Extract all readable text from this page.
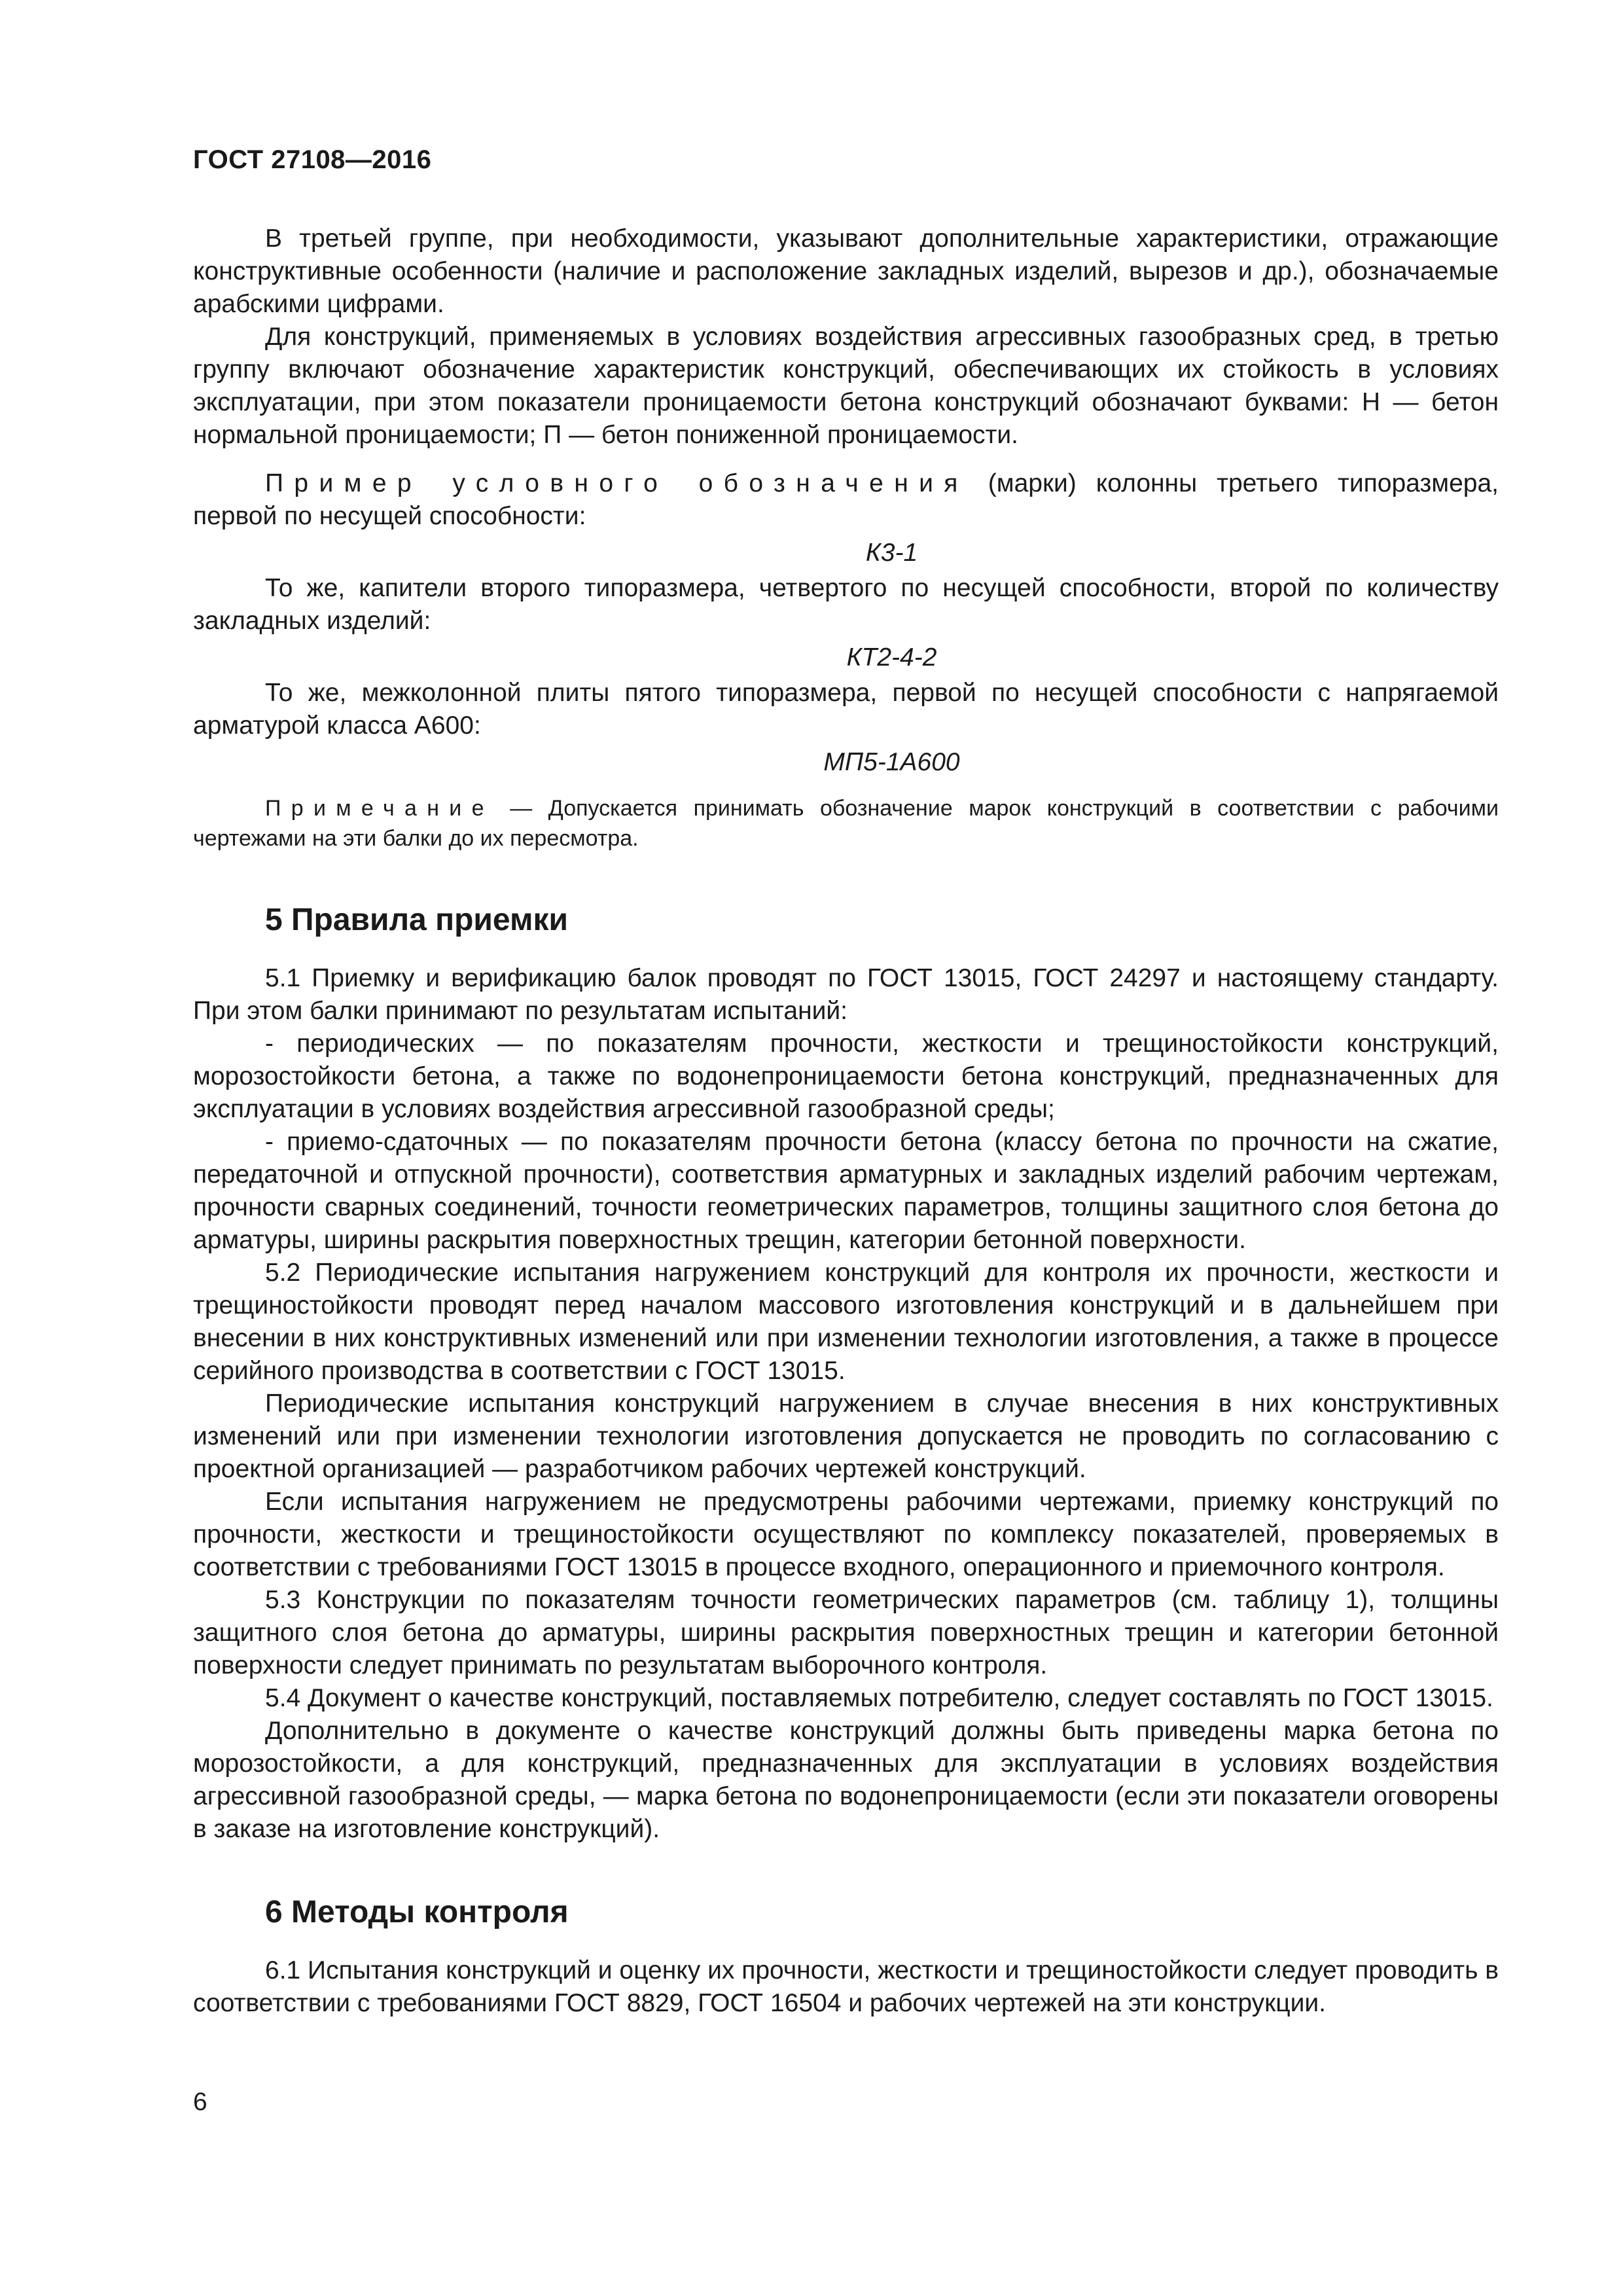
ГОСТ 27108—2016

В третьей группе, при необходимости, указывают дополнительные характеристики, отражающие конструктивные особенности (наличие и расположение закладных изделий, вырезов и др.), обозначаемые арабскими цифрами.

Для конструкций, применяемых в условиях воздействия агрессивных газообразных сред, в третью группу включают обозначение характеристик конструкций, обеспечивающих их стойкость в условиях эксплуатации, при этом показатели проницаемости бетона конструкций обозначают буквами: Н — бетон нормальной проницаемости; П — бетон пониженной проницаемости.

Пример условного обозначения (марки) колонны третьего типоразмера, первой по несущей способности:

К3-1

То же, капители второго типоразмера, четвертого по несущей способности, второй по количеству закладных изделий:

КТ2-4-2

То же, межколонной плиты пятого типоразмера, первой по несущей способности с напрягаемой арматурой класса А600:

МП5-1А600

Примечание — Допускается принимать обозначение марок конструкций в соответствии с рабочими чертежами на эти балки до их пересмотра.

5 Правила приемки

5.1 Приемку и верификацию балок проводят по ГОСТ 13015, ГОСТ 24297 и настоящему стандарту. При этом балки принимают по результатам испытаний:

- периодических — по показателям прочности, жесткости и трещиностойкости конструкций, морозостойкости бетона, а также по водонепроницаемости бетона конструкций, предназначенных для эксплуатации в условиях воздействия агрессивной газообразной среды;

- приемо-сдаточных — по показателям прочности бетона (классу бетона по прочности на сжатие, передаточной и отпускной прочности), соответствия арматурных и закладных изделий рабочим чертежам, прочности сварных соединений, точности геометрических параметров, толщины защитного слоя бетона до арматуры, ширины раскрытия поверхностных трещин, категории бетонной поверхности.

5.2 Периодические испытания нагружением конструкций для контроля их прочности, жесткости и трещиностойкости проводят перед началом массового изготовления конструкций и в дальнейшем при внесении в них конструктивных изменений или при изменении технологии изготовления, а также в процессе серийного производства в соответствии с ГОСТ 13015.

Периодические испытания конструкций нагружением в случае внесения в них конструктивных изменений или при изменении технологии изготовления допускается не проводить по согласованию с проектной организацией — разработчиком рабочих чертежей конструкций.

Если испытания нагружением не предусмотрены рабочими чертежами, приемку конструкций по прочности, жесткости и трещиностойкости осуществляют по комплексу показателей, проверяемых в соответствии с требованиями ГОСТ 13015 в процессе входного, операционного и приемочного контроля.

5.3 Конструкции по показателям точности геометрических параметров (см. таблицу 1), толщины защитного слоя бетона до арматуры, ширины раскрытия поверхностных трещин и категории бетонной поверхности следует принимать по результатам выборочного контроля.

5.4 Документ о качестве конструкций, поставляемых потребителю, следует составлять по ГОСТ 13015.

Дополнительно в документе о качестве конструкций должны быть приведены марка бетона по морозостойкости, а для конструкций, предназначенных для эксплуатации в условиях воздействия агрессивной газообразной среды, — марка бетона по водонепроницаемости (если эти показатели оговорены в заказе на изготовление конструкций).

6 Методы контроля

6.1 Испытания конструкций и оценку их прочности, жесткости и трещиностойкости следует проводить в соответствии с требованиями ГОСТ 8829, ГОСТ 16504 и рабочих чертежей на эти конструкции.

6
